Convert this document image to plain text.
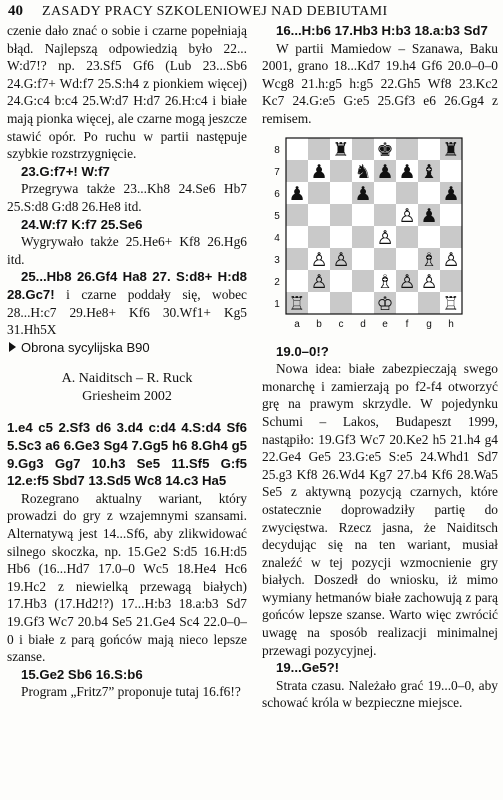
40 ZASADY PRACY SZKOLENIOWEJ NAD DEBIUTAMI

czenie dało znać o sobie i czarne popełniają błąd. Najlepszą odpowiedzią było 22... W:d7!? np. 23.Sf5 Gf6 (Lub 23...Sb6 24.G:f7+ Wd:f7 25.S:h4 z pionkiem więcej) 24.G:c4 b:c4 25.W:d7 H:d7 26.H:c4 i białe mają pionka więcej, ale czarne mogą jeszcze stawić opór. Po ruchu w partii następuje szybkie rozstrzygnięcie.

23.G:f7+! W:f7

Przegrywa także 23...Kh8 24.Se6 Hb7 25.S:d8 G:d8 26.He8 itd.

24.W:f7 K:f7 25.Se6

Wygrywało także 25.He6+ Kf8 26.Hg6 itd.

25...Hb8 26.Gf4 Ha8 27. S:d8+ H:d8 28.Gc7! i czarne poddały się, wobec 28...H:c7 29.He8+ Kf6 30.Wf1+ Kg5 31.Hh5X

Obrona sycylijska B90

A. Naiditsch – R. Ruck

Griesheim 2002

1.e4 c5 2.Sf3 d6 3.d4 c:d4 4.S:d4 Sf6 5.Sc3 a6 6.Ge3 Sg4 7.Gg5 h6 8.Gh4 g5 9.Gg3 Gg7 10.h3 Se5 11.Sf5 G:f5 12.e:f5 Sbd7 13.Sd5 Wc8 14.c3 Ha5

Rozegrano aktualny wariant, który prowadzi do gry z wzajemnymi szansami. Alternatywą jest 14...Sf6, aby zlikwidować silnego skoczka, np. 15.Ge2 S:d5 16.H:d5 Hb6 (16...Hd7 17.0–0 Wc5 18.He4 Hc6 19.Hc2 z niewielką przewagą białych) 17.Hb3 (17.Hd2!?) 17...H:b3 18.a:b3 Sd7 19.Gf3 Wc7 20.b4 Se5 21.Ge4 Sc4 22.0–0–0 i białe z parą gońców mają nieco lepsze szanse.

15.Ge2 Sb6 16.S:b6

Program „Fritz7” proponuje tutaj 16.f6!?

16...H:b6 17.Hb3 H:b3 18.a:b3 Sd7

W partii Mamiedow – Szanawa, Baku 2001, grano 18...Kd7 19.h4 Gf6 20.0–0–0 Wcg8 21.h:g5 h:g5 22.Gh5 Wf8 23.Kc2 Kc7 24.G:e5 G:e5 25.Gf3 e6 26.Gg4 z remisem.

8
7
6
5
4
3
2
1
a b c d e f g h
♜ ♚	♜
♟ ♞ ♟ ♟ ♝
♟	♟	♟
♙ ♟
♙
♙ ♙	♗ ♙
♙	♗ ♙ ♙
♖	♔	♖

19.0–0!?

Nowa idea: białe zabezpieczają swego monarchę i zamierzają po f2-f4 otworzyć grę na prawym skrzydle. W pojedynku Schumi – Lakos, Budapeszt 1999, nastąpiło: 19.Gf3 Wc7 20.Ke2 h5 21.h4 g4 22.Ge4 Ge5 23.G:e5 S:e5 24.Whd1 Sd7 25.g3 Kf8 26.Wd4 Kg7 27.b4 Kf6 28.Wa5 Se5 z aktywną pozycją czarnych, które ostatecznie doprowadziły partię do zwycięstwa. Rzecz jasna, że Naiditsch decydując się na ten wariant, musiał znaleźć w tej pozycji wzmocnienie gry białych. Doszedł do wniosku, iż mimo wymiany hetmanów białe zachowują z parą gońców lepsze szanse. Warto więc zwrócić uwagę na sposób realizacji minimalnej przewagi pozycyjnej.

19...Ge5?!

Strata czasu. Należało grać 19...0–0, aby schować króla w bezpieczne miejsce.
